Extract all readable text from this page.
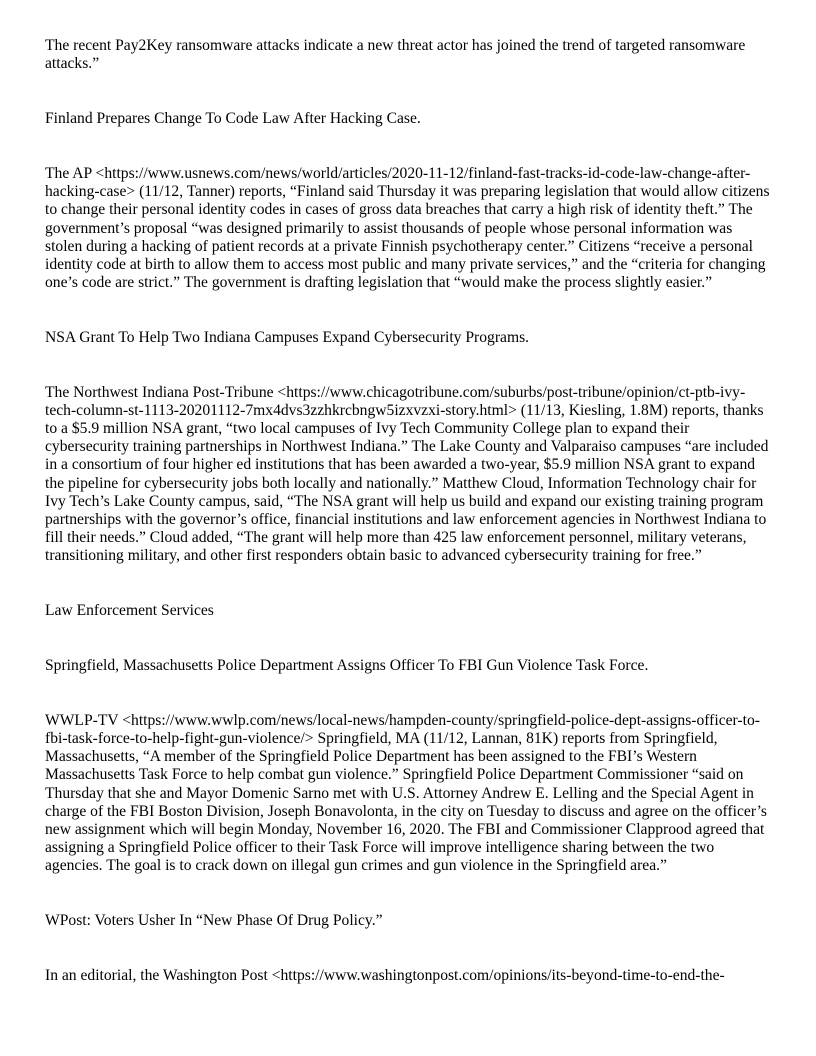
The recent Pay2Key ransomware attacks indicate a new threat actor has joined the trend of targeted ransomware attacks.”

Finland Prepares Change To Code Law After Hacking Case.

The AP <https://www.usnews.com/news/world/articles/2020-11-12/finland-fast-tracks-id-code-law-change-after-hacking-case> (11/12, Tanner) reports, “Finland said Thursday it was preparing legislation that would allow citizens to change their personal identity codes in cases of gross data breaches that carry a high risk of identity theft.” The government’s proposal “was designed primarily to assist thousands of people whose personal information was stolen during a hacking of patient records at a private Finnish psychotherapy center.” Citizens “receive a personal identity code at birth to allow them to access most public and many private services,” and the “criteria for changing one’s code are strict.” The government is drafting legislation that “would make the process slightly easier.”

NSA Grant To Help Two Indiana Campuses Expand Cybersecurity Programs.

The Northwest Indiana Post-Tribune <https://www.chicagotribune.com/suburbs/post-tribune/opinion/ct-ptb-ivy-tech-column-st-1113-20201112-7mx4dvs3zzhkrcbngw5izxvzxi-story.html> (11/13, Kiesling, 1.8M) reports, thanks to a $5.9 million NSA grant, “two local campuses of Ivy Tech Community College plan to expand their cybersecurity training partnerships in Northwest Indiana.” The Lake County and Valparaiso campuses “are included in a consortium of four higher ed institutions that has been awarded a two-year, $5.9 million NSA grant to expand the pipeline for cybersecurity jobs both locally and nationally.” Matthew Cloud, Information Technology chair for Ivy Tech’s Lake County campus, said, “The NSA grant will help us build and expand our existing training program partnerships with the governor’s office, financial institutions and law enforcement agencies in Northwest Indiana to fill their needs.” Cloud added, “The grant will help more than 425 law enforcement personnel, military veterans, transitioning military, and other first responders obtain basic to advanced cybersecurity training for free.”

Law Enforcement Services

Springfield, Massachusetts Police Department Assigns Officer To FBI Gun Violence Task Force.

WWLP-TV <https://www.wwlp.com/news/local-news/hampden-county/springfield-police-dept-assigns-officer-to-fbi-task-force-to-help-fight-gun-violence/> Springfield, MA (11/12, Lannan, 81K) reports from Springfield, Massachusetts, “A member of the Springfield Police Department has been assigned to the FBI’s Western Massachusetts Task Force to help combat gun violence.” Springfield Police Department Commissioner “said on Thursday that she and Mayor Domenic Sarno met with U.S. Attorney Andrew E. Lelling and the Special Agent in charge of the FBI Boston Division, Joseph Bonavolonta, in the city on Tuesday to discuss and agree on the officer’s new assignment which will begin Monday, November 16, 2020. The FBI and Commissioner Clapprood agreed that assigning a Springfield Police officer to their Task Force will improve intelligence sharing between the two agencies. The goal is to crack down on illegal gun crimes and gun violence in the Springfield area.”

WPost: Voters Usher In “New Phase Of Drug Policy.”

In an editorial, the Washington Post <https://www.washingtonpost.com/opinions/its-beyond-time-to-end-the-
